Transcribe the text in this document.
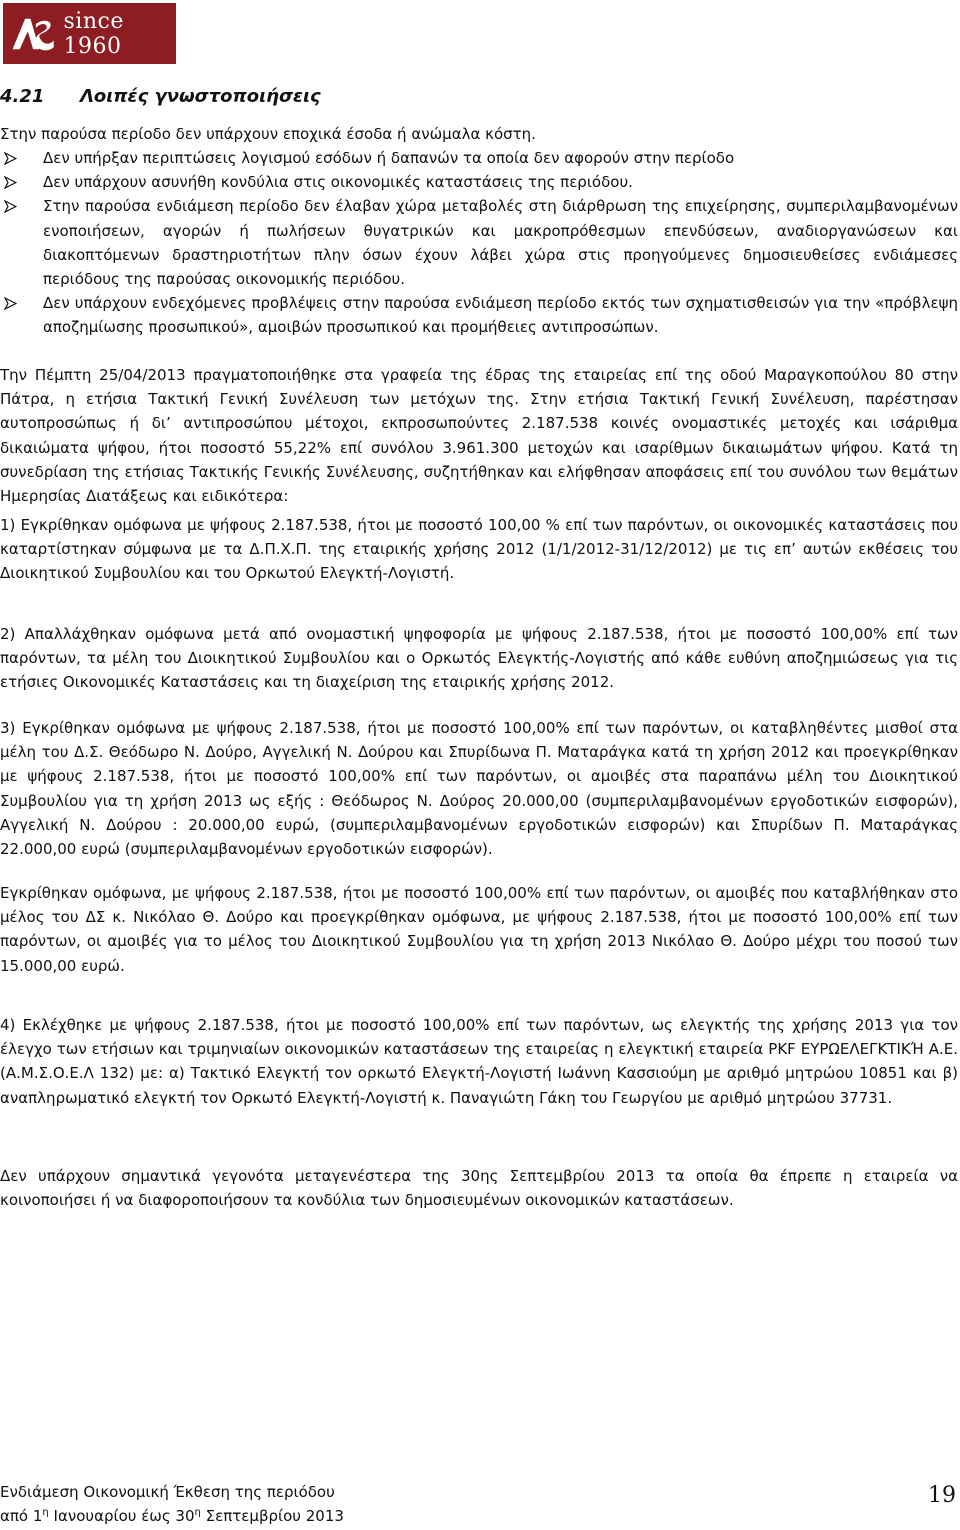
since 1960
4.21 Λοιπές γνωστοποιήσεις
Στην παρούσα περίοδο δεν υπάρχουν εποχικά έσοδα ή ανώμαλα κόστη.
Δεν υπήρξαν περιπτώσεις λογισμού εσόδων ή δαπανών τα οποία δεν αφορούν στην περίοδο
Δεν υπάρχουν ασυνήθη κονδύλια στις οικονομικές καταστάσεις της περιόδου.
Στην παρούσα ενδιάμεση περίοδο δεν έλαβαν χώρα μεταβολές στη διάρθρωση της επιχείρησης, συμπεριλαμβανομένων ενοποιήσεων, αγορών ή πωλήσεων θυγατρικών και μακροπρόθεσμων επενδύσεων, αναδιοργανώσεων και διακοπτόμενων δραστηριοτήτων πλην όσων έχουν λάβει χώρα στις προηγούμενες δημοσιευθείσες ενδιάμεσες περιόδους της παρούσας οικονομικής περιόδου.
Δεν υπάρχουν ενδεχόμενες προβλέψεις στην παρούσα ενδιάμεση περίοδο εκτός των σχηματισθεισών για την «πρόβλεψη αποζημίωσης προσωπικού», αμοιβών προσωπικού και προμήθειες αντιπροσώπων.
Την Πέμπτη 25/04/2013 πραγματοποιήθηκε στα γραφεία της έδρας της εταιρείας επί της οδού Μαραγκοπούλου 80 στην Πάτρα, η ετήσια Τακτική Γενική Συνέλευση των μετόχων της. Στην ετήσια Τακτική Γενική Συνέλευση, παρέστησαν αυτοπροσώπως ή δι’ αντιπροσώπου μέτοχοι, εκπροσωπούντες 2.187.538 κοινές ονομαστικές μετοχές και ισάριθμα δικαιώματα ψήφου, ήτοι ποσοστό 55,22% επί συνόλου 3.961.300 μετοχών και ισαρίθμων δικαιωμάτων ψήφου. Κατά τη συνεδρίαση της ετήσιας Τακτικής Γενικής Συνέλευσης, συζητήθηκαν και ελήφθησαν αποφάσεις επί του συνόλου των θεμάτων Ημερησίας Διατάξεως και ειδικότερα:
1) Εγκρίθηκαν ομόφωνα με ψήφους 2.187.538, ήτοι με ποσοστό 100,00 % επί των παρόντων, οι οικονομικές καταστάσεις που καταρτίστηκαν σύμφωνα με τα Δ.Π.Χ.Π. της εταιρικής χρήσης 2012 (1/1/2012-31/12/2012) με τις επ’ αυτών εκθέσεις του Διοικητικού Συμβουλίου και του Ορκωτού Ελεγκτή-Λογιστή.
2) Απαλλάχθηκαν ομόφωνα μετά από ονομαστική ψηφοφορία με ψήφους 2.187.538, ήτοι με ποσοστό 100,00% επί των παρόντων, τα μέλη του Διοικητικού Συμβουλίου και ο Ορκωτός Ελεγκτής-Λογιστής από κάθε ευθύνη αποζημιώσεως για τις ετήσιες Οικονομικές Καταστάσεις και τη διαχείριση της εταιρικής χρήσης 2012.
3) Εγκρίθηκαν ομόφωνα με ψήφους 2.187.538, ήτοι με ποσοστό 100,00% επί των παρόντων, οι καταβληθέντες μισθοί στα μέλη του Δ.Σ. Θεόδωρο Ν. Δούρο, Αγγελική Ν. Δούρου και Σπυρίδωνα Π. Ματαράγκα κατά τη χρήση 2012 και προεγκρίθηκαν με ψήφους 2.187.538, ήτοι με ποσοστό 100,00% επί των παρόντων, οι αμοιβές στα παραπάνω μέλη του Διοικητικού Συμβουλίου για τη χρήση 2013 ως εξής : Θεόδωρος Ν. Δούρος 20.000,00 (συμπεριλαμβανομένων εργοδοτικών εισφορών), Αγγελική Ν. Δούρου : 20.000,00 ευρώ, (συμπεριλαμβανομένων εργοδοτικών εισφορών) και Σπυρίδων Π. Ματαράγκας 22.000,00 ευρώ (συμπεριλαμβανομένων εργοδοτικών εισφορών).
Εγκρίθηκαν ομόφωνα, με ψήφους 2.187.538, ήτοι με ποσοστό 100,00% επί των παρόντων, οι αμοιβές που καταβλήθηκαν στο μέλος του ΔΣ κ. Νικόλαο Θ. Δούρο και προεγκρίθηκαν ομόφωνα, με ψήφους 2.187.538, ήτοι με ποσοστό 100,00% επί των παρόντων, οι αμοιβές για το μέλος του Διοικητικού Συμβουλίου για τη χρήση 2013 Νικόλαο Θ. Δούρο μέχρι του ποσού των 15.000,00 ευρώ.
4) Εκλέχθηκε με ψήφους 2.187.538, ήτοι με ποσοστό 100,00% επί των παρόντων, ως ελεγκτής της χρήσης 2013 για τον έλεγχο των ετήσιων και τριμηνιαίων οικονομικών καταστάσεων της εταιρείας η ελεγκτική εταιρεία PKF ΕΥΡΩΕΛΕΓΚΤΙΚΉ Α.Ε. (Α.Μ.Σ.Ο.Ε.Λ 132) με: α) Τακτικό Ελεγκτή τον ορκωτό Ελεγκτή-Λογιστή Ιωάννη Κασσιούμη με αριθμό μητρώου 10851 και β) αναπληρωματικό ελεγκτή τον Ορκωτό Ελεγκτή-Λογιστή κ. Παναγιώτη Γάκη του Γεωργίου με αριθμό μητρώου 37731.
Δεν υπάρχουν σημαντικά γεγονότα μεταγενέστερα της 30ης Σεπτεμβρίου 2013 τα οποία θα έπρεπε η εταιρεία να κοινοποιήσει ή να διαφοροποιήσουν τα κονδύλια των δημοσιευμένων οικονομικών καταστάσεων.
Ενδιάμεση Οικονομική Έκθεση της περιόδου
από $1^\eta$ Ιανουαρίου έως $30^\eta$ Σεπτεμβρίου 2013
19
